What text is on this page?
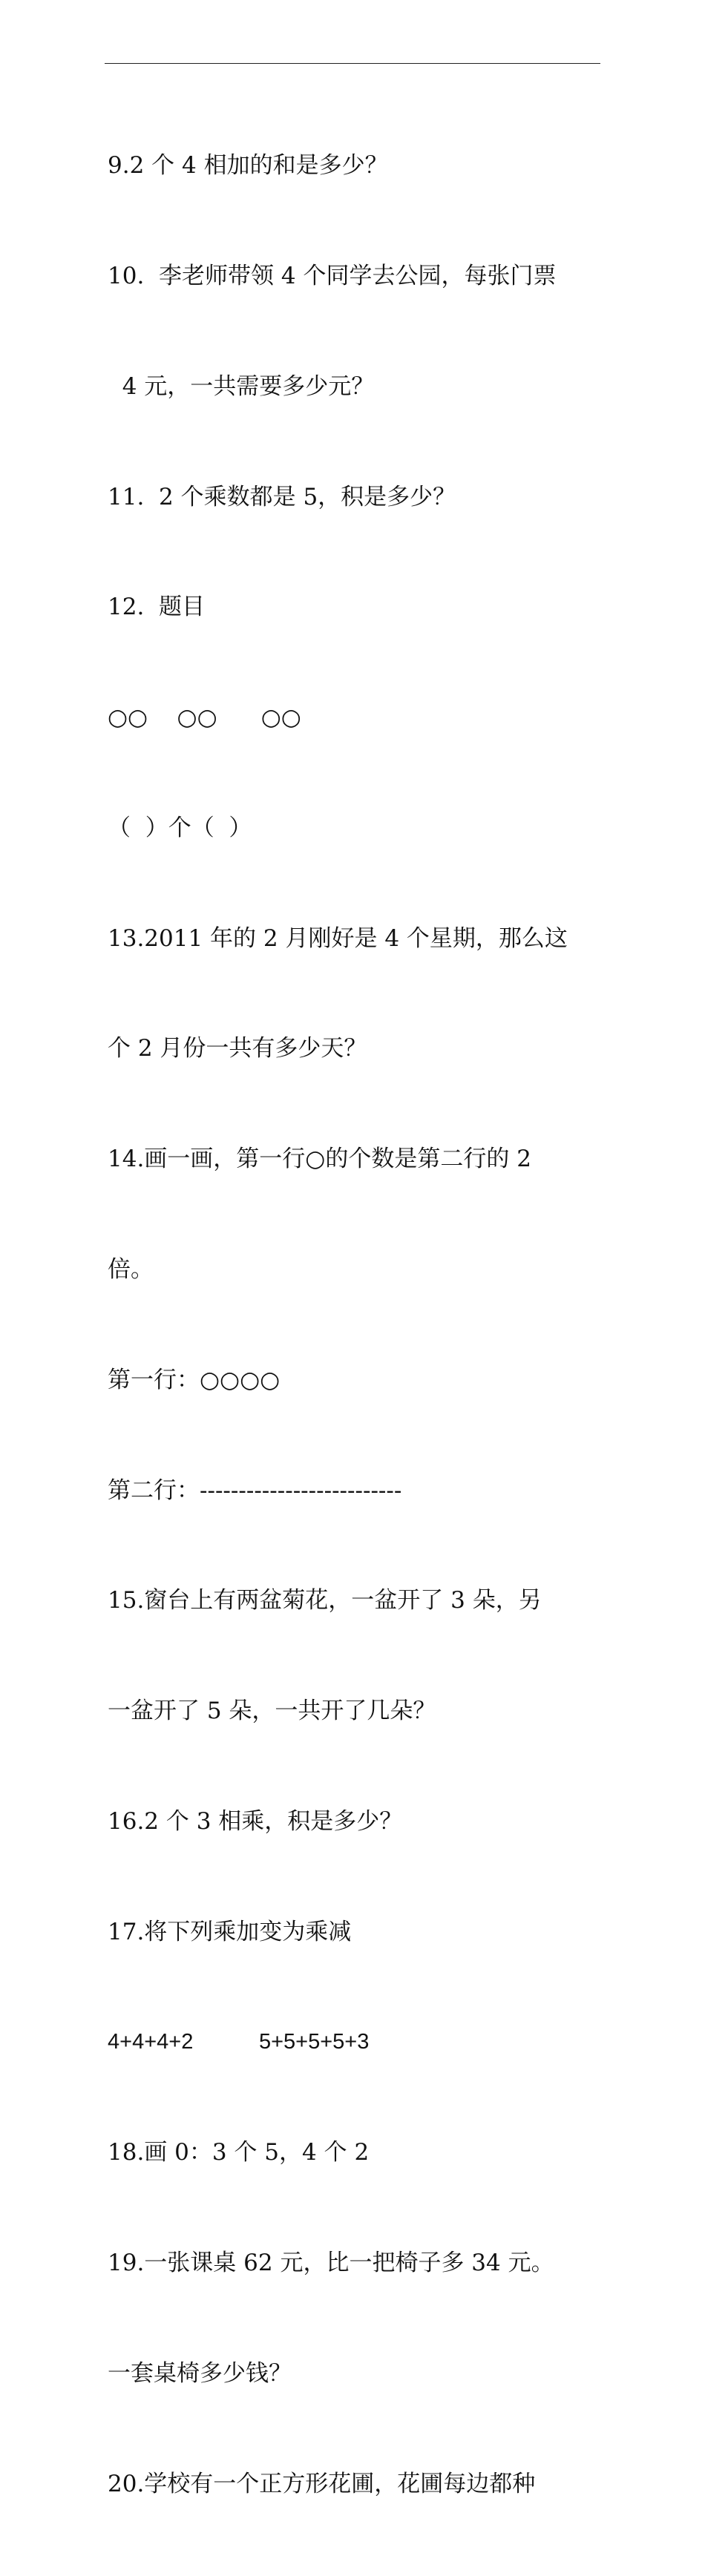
9.2 个 4 相加的和是多少？

10.  李老师带领 4 个同学去公园，每张门票

4 元，一共需要多少元？

11.  2 个乘数都是 5，积是多少？

12.  题目

○○    ○○      ○○

（  ）个（  ）

13.2011 年的 2 月刚好是 4 个星期，那么这

个 2 月份一共有多少天？

14.画一画，第一行○的个数是第二行的 2

倍。

第一行：○○○○

第二行：--------------------------

15.窗台上有两盆菊花，一盆开了 3 朵，另

一盆开了 5 朵，一共开了几朵？

16.2 个 3 相乘，积是多少？

17.将下列乘加变为乘减

4+4+4+2           5+5+5+5+3

18.画 0：3 个 5，4 个 2

19.一张课桌 62 元，比一把椅子多 34 元。

一套桌椅多少钱？

20.学校有一个正方形花圃，花圃每边都种
